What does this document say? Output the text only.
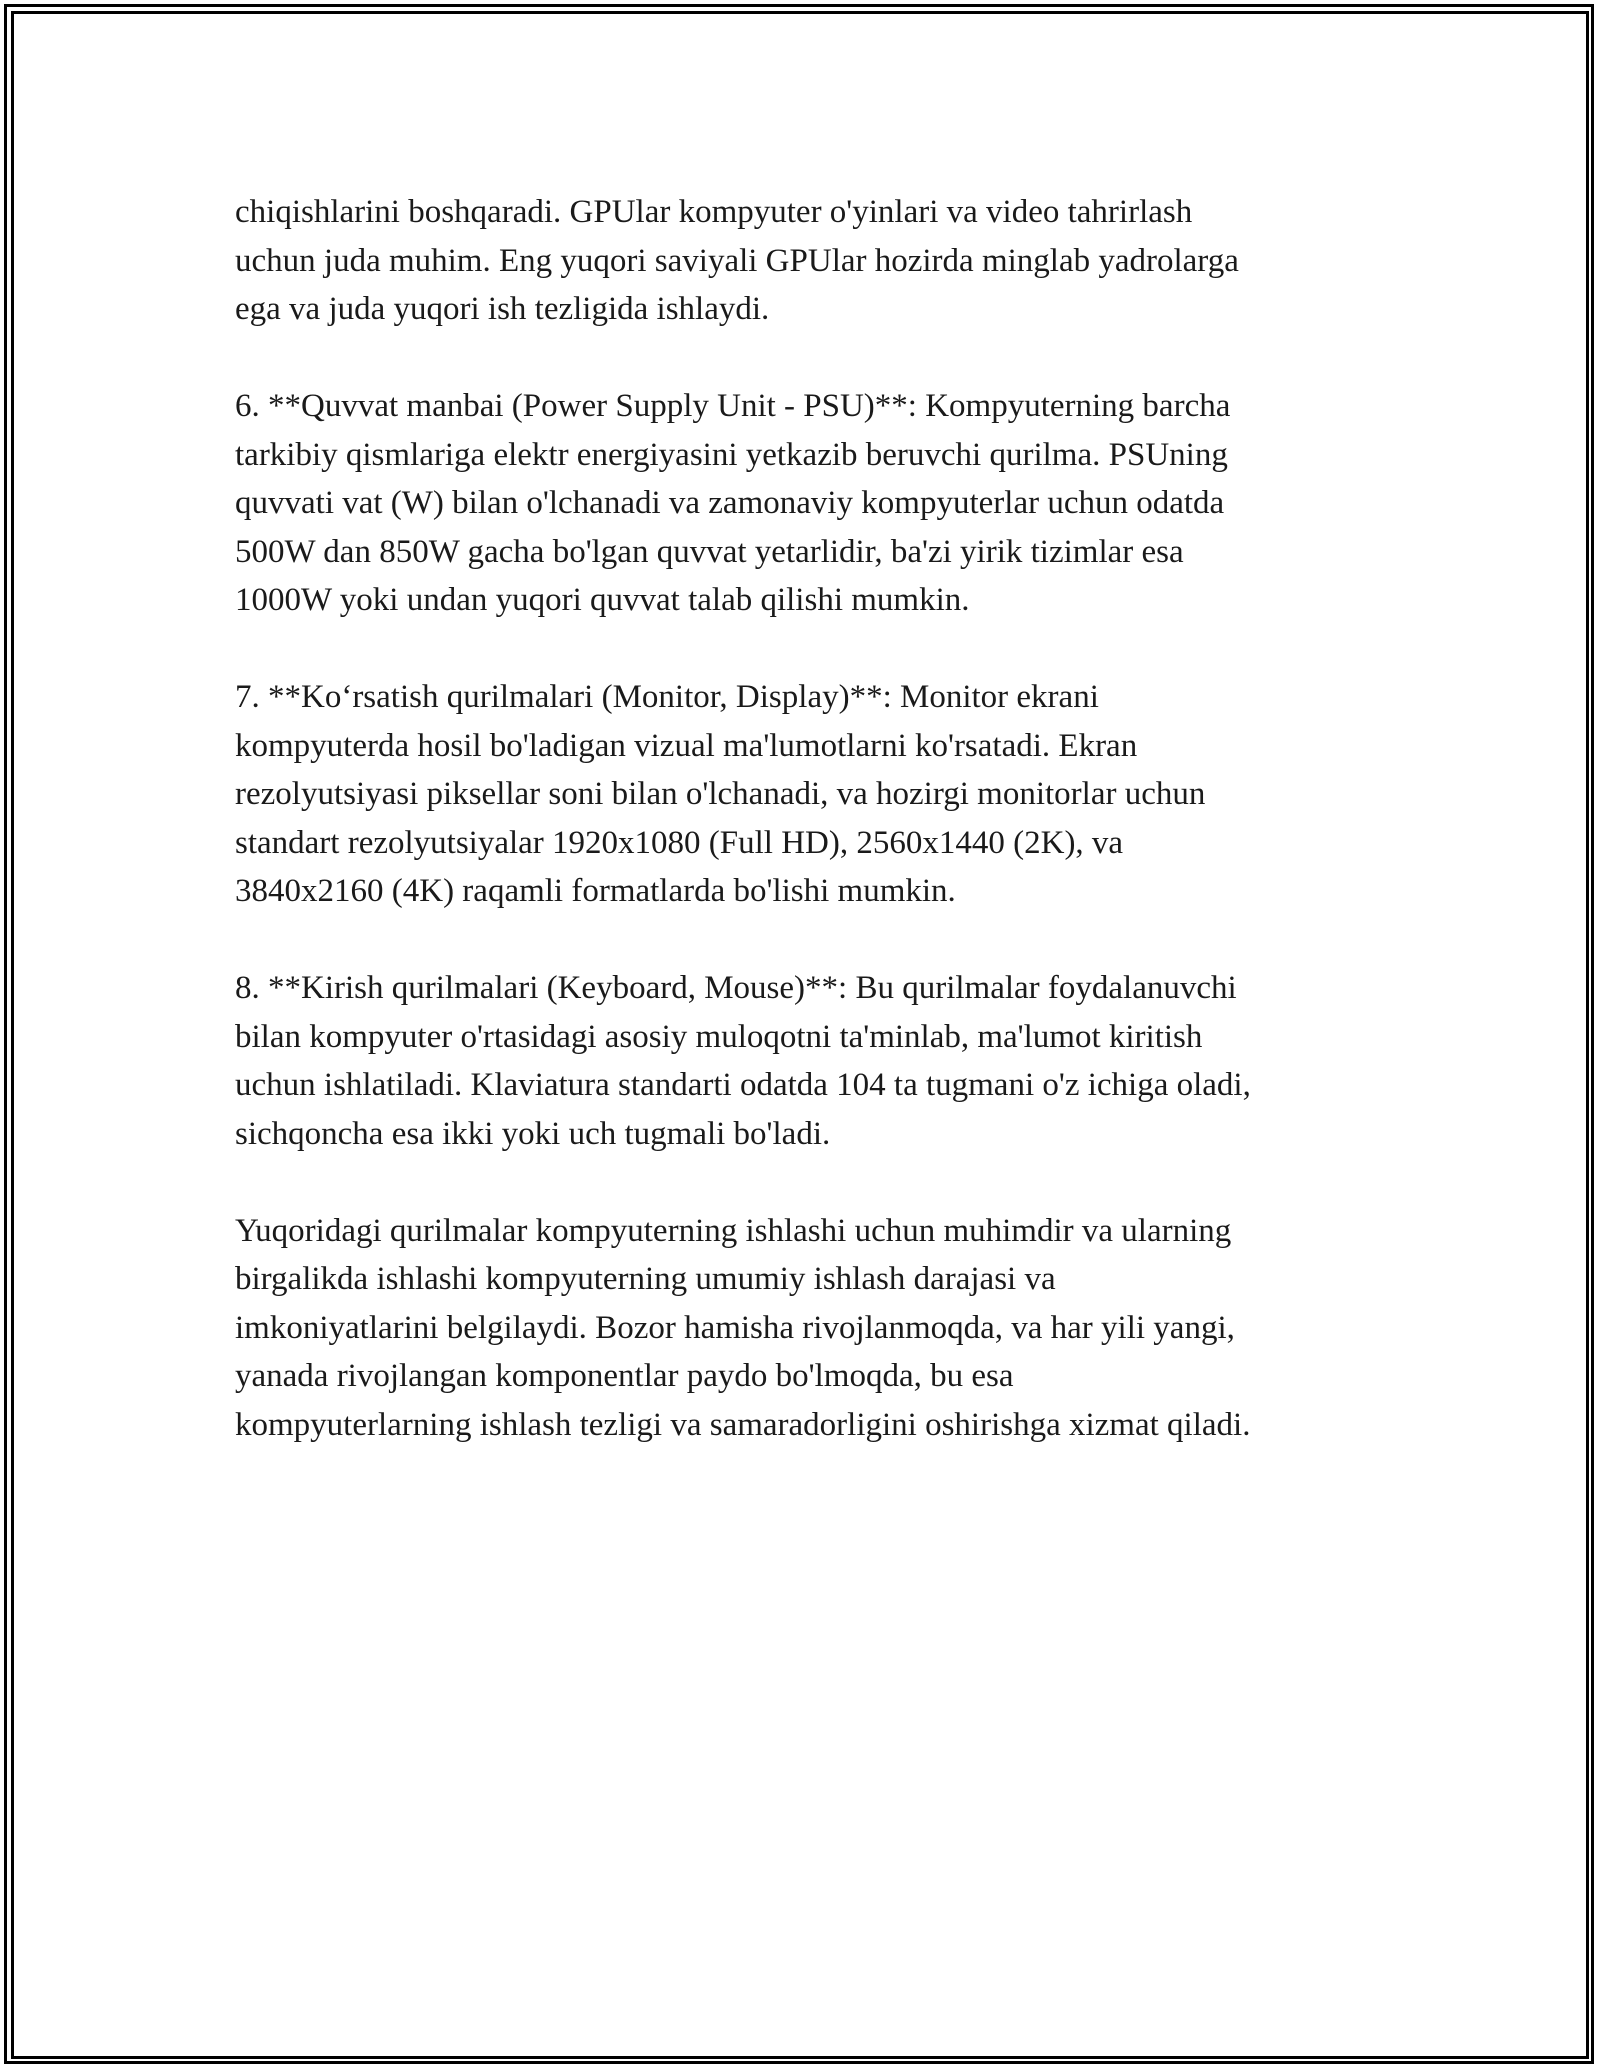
chiqishlarini boshqaradi. GPUlar kompyuter o'yinlari va video tahrirlash
uchun juda muhim. Eng yuqori saviyali GPUlar hozirda minglab yadrolarga
ega va juda yuqori ish tezligida ishlaydi.

6. **Quvvat manbai (Power Supply Unit - PSU)**: Kompyuterning barcha
tarkibiy qismlariga elektr energiyasini yetkazib beruvchi qurilma. PSUning
quvvati vat (W) bilan o'lchanadi va zamonaviy kompyuterlar uchun odatda
500W dan 850W gacha bo'lgan quvvat yetarlidir, ba'zi yirik tizimlar esa
1000W yoki undan yuqori quvvat talab qilishi mumkin.

7. **Koʻrsatish qurilmalari (Monitor, Display)**: Monitor ekrani
kompyuterda hosil bo'ladigan vizual ma'lumotlarni ko'rsatadi. Ekran
rezolyutsiyasi piksellar soni bilan o'lchanadi, va hozirgi monitorlar uchun
standart rezolyutsiyalar 1920x1080 (Full HD), 2560x1440 (2K), va
3840x2160 (4K) raqamli formatlarda bo'lishi mumkin.

8. **Kirish qurilmalari (Keyboard, Mouse)**: Bu qurilmalar foydalanuvchi
bilan kompyuter o'rtasidagi asosiy muloqotni ta'minlab, ma'lumot kiritish
uchun ishlatiladi. Klaviatura standarti odatda 104 ta tugmani o'z ichiga oladi,
sichqoncha esa ikki yoki uch tugmali bo'ladi.

Yuqoridagi qurilmalar kompyuterning ishlashi uchun muhimdir va ularning
birgalikda ishlashi kompyuterning umumiy ishlash darajasi va
imkoniyatlarini belgilaydi. Bozor hamisha rivojlanmoqda, va har yili yangi,
yanada rivojlangan komponentlar paydo bo'lmoqda, bu esa
kompyuterlarning ishlash tezligi va samaradorligini oshirishga xizmat qiladi.
